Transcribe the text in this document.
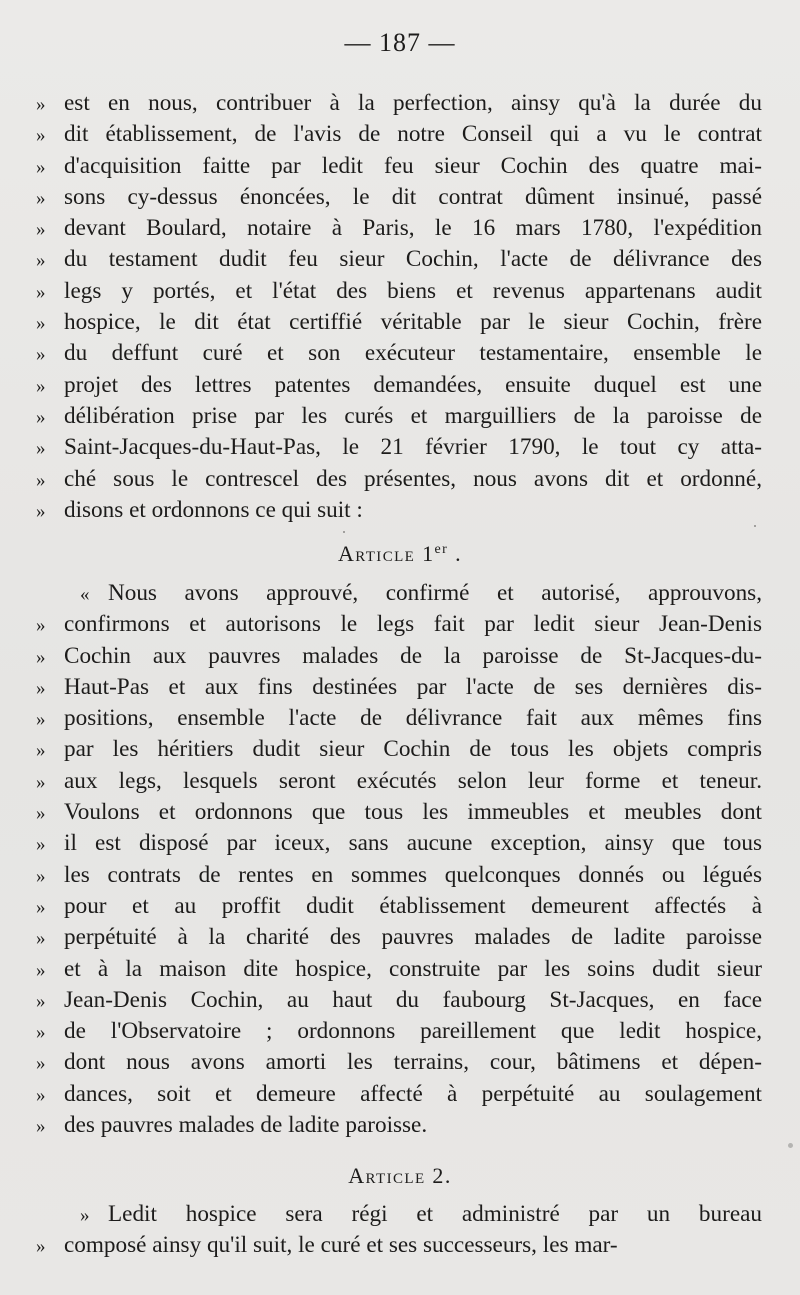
— 187 —
» est en nous, contribuer à la perfection, ainsy qu'à la durée du
» dit établissement, de l'avis de notre Conseil qui a vu le contrat
» d'acquisition faitte par ledit feu sieur Cochin des quatre mai-
» sons cy-dessus énoncées, le dit contrat dûment insinué, passé
» devant Boulard, notaire à Paris, le 16 mars 1780, l'expédition
» du testament dudit feu sieur Cochin, l'acte de délivrance des
» legs y portés, et l'état des biens et revenus appartenans audit
» hospice, le dit état certiffié véritable par le sieur Cochin, frère
» du deffunt curé et son exécuteur testamentaire, ensemble le
» projet des lettres patentes demandées, ensuite duquel est une
» délibération prise par les curés et marguilliers de la paroisse de
» Saint-Jacques-du-Haut-Pas, le 21 février 1790, le tout cy atta-
» ché sous le contrescel des présentes, nous avons dit et ordonné,
» disons et ordonnons ce qui suit :
Article 1er .
« Nous avons approuvé, confirmé et autorisé, approuvons,
» confirmons et autorisons le legs fait par ledit sieur Jean-Denis
» Cochin aux pauvres malades de la paroisse de St-Jacques-du-
» Haut-Pas et aux fins destinées par l'acte de ses dernières dis-
» positions, ensemble l'acte de délivrance fait aux mêmes fins
» par les héritiers dudit sieur Cochin de tous les objets compris
» aux legs, lesquels seront exécutés selon leur forme et teneur.
» Voulons et ordonnons que tous les immeubles et meubles dont
» il est disposé par iceux, sans aucune exception, ainsy que tous
» les contrats de rentes en sommes quelconques donnés ou légués
» pour et au proffit dudit établissement demeurent affectés à
» perpétuité à la charité des pauvres malades de ladite paroisse
» et à la maison dite hospice, construite par les soins dudit sieur
» Jean-Denis Cochin, au haut du faubourg St-Jacques, en face
» de l'Observatoire ; ordonnons pareillement que ledit hospice,
» dont nous avons amorti les terrains, cour, bâtimens et dépen-
» dances, soit et demeure affecté à perpétuité au soulagement
» des pauvres malades de ladite paroisse.
Article 2.
» Ledit hospice sera régi et administré par un bureau
» composé ainsy qu'il suit, le curé et ses successeurs, les mar-
